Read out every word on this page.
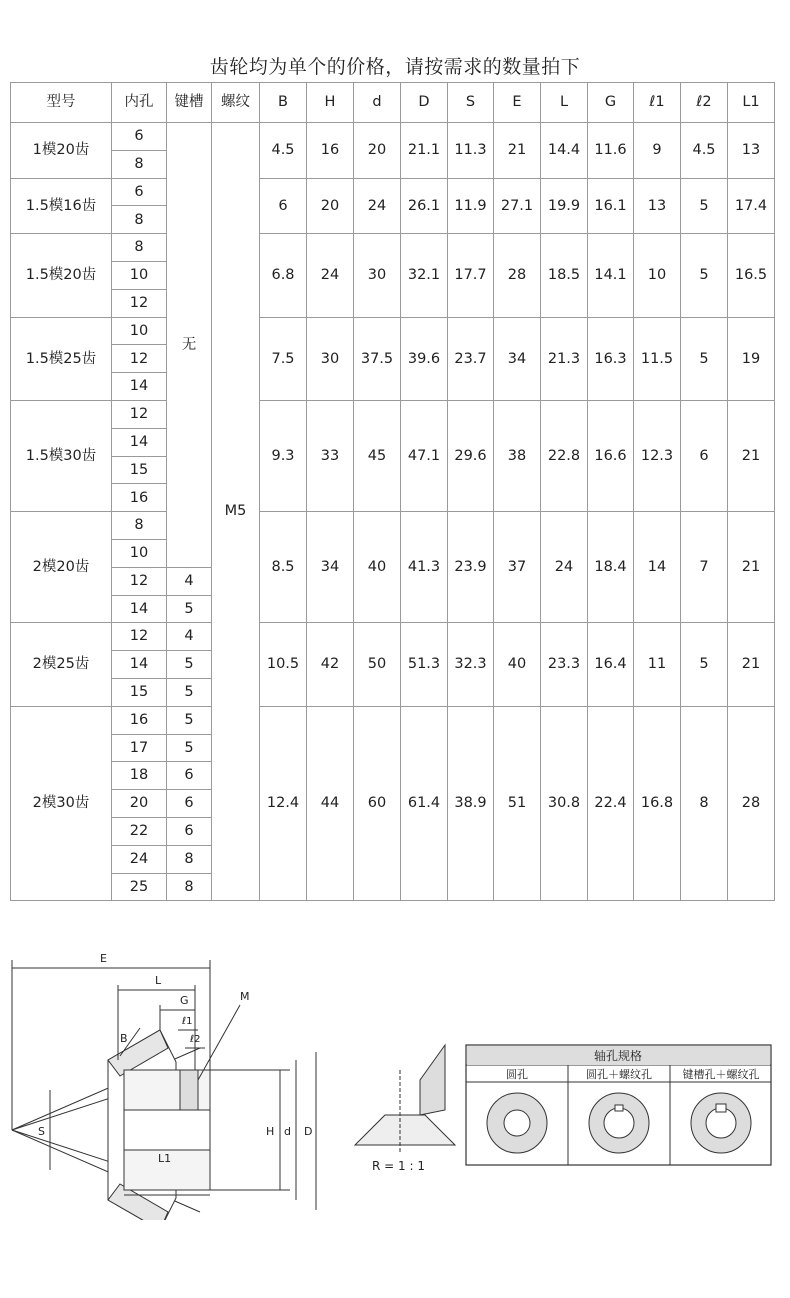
齿轮均为单个的价格，请按需求的数量拍下
型号	内孔	键槽	螺纹	B	H	d	D	S	E	L	G	ℓ1	ℓ2	L1
1模20齿	6	无	M5	4.5	16	20	21.1	11.3	21	14.4	11.6	9	4.5	13
	8													
1.5模16齿	6			6	20	24	26.1	11.9	27.1	19.9	16.1	13	5	17.4
	8													
1.5模20齿	8			6.8	24	30	32.1	17.7	28	18.5	14.1	10	5	16.5
	10													
	12													
1.5模25齿	10			7.5	30	37.5	39.6	23.7	34	21.3	16.3	11.5	5	19
	12													
	14													
1.5模30齿	12			9.3	33	45	47.1	29.6	38	22.8	16.6	12.3	6	21
	14													
	15													
	16													
2模20齿	8			8.5	34	40	41.3	23.9	37	24	18.4	14	7	21
	10													
	12	4												
	14	5												
2模25齿	12	4		10.5	42	50	51.3	32.3	40	23.3	16.4	11	5	21
	14	5												
	15	5												
2模30齿	16	5		12.4	44	60	61.4	38.9	51	30.8	22.4	16.8	8	28
	17	5												
	18	6												
	20	6												
	22	6												
	24	8												
	25	8												
E
L
G	M
ℓ1
ℓ2
B
S
L1
H d D
R = 1 : 1
轴孔规格
圆孔	圆孔＋螺纹孔	键槽孔＋螺纹孔
